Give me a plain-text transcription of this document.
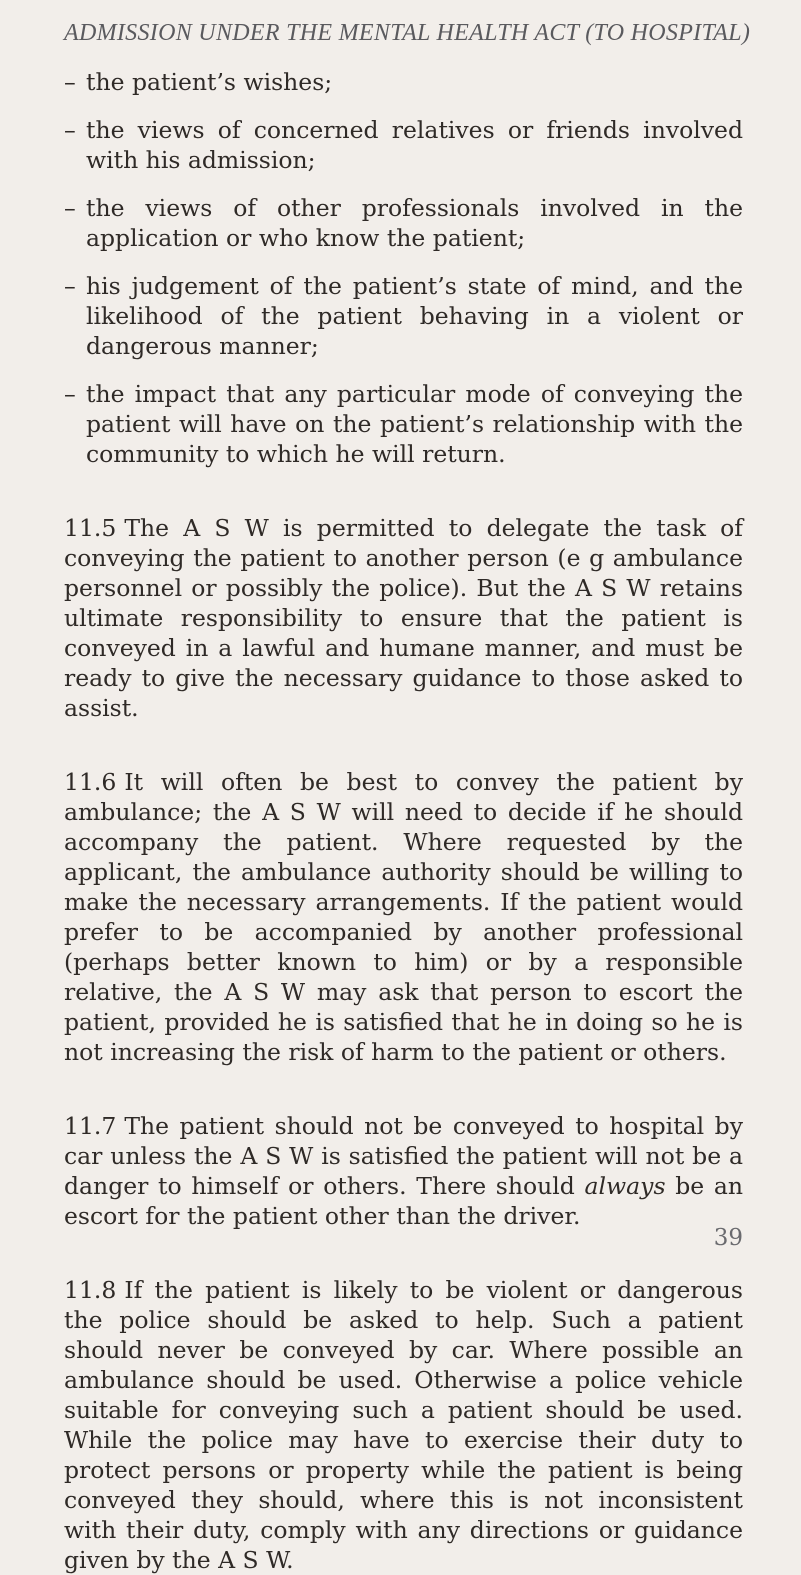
ADMISSION UNDER THE MENTAL HEALTH ACT (TO HOSPITAL)
– the patient’s wishes;
– the views of concerned relatives or friends involved with his admission;
– the views of other professionals involved in the application or who know the patient;
– his judgement of the patient’s state of mind, and the likelihood of the patient behaving in a violent or dangerous manner;
– the impact that any particular mode of conveying the patient will have on the patient’s relationship with the community to which he will return.

11.5 The A S W is permitted to delegate the task of conveying the patient to another person (e g ambulance personnel or possibly the police). But the A S W retains ultimate responsibility to ensure that the patient is conveyed in a lawful and humane manner, and must be ready to give the necessary guidance to those asked to assist.

11.6 It will often be best to convey the patient by ambulance; the A S W will need to decide if he should accompany the patient. Where requested by the applicant, the ambulance authority should be willing to make the necessary arrangements. If the patient would prefer to be accompanied by another professional (perhaps better known to him) or by a responsible relative, the A S W may ask that person to escort the patient, provided he is satisfied that he in doing so he is not increasing the risk of harm to the patient or others.

11.7 The patient should not be conveyed to hospital by car unless the A S W is satisfied the patient will not be a danger to himself or others. There should always be an escort for the patient other than the driver.

11.8 If the patient is likely to be violent or dangerous the police should be asked to help. Such a patient should never be conveyed by car. Where possible an ambulance should be used. Otherwise a police vehicle suitable for conveying such a patient should be used. While the police may have to exercise their duty to protect persons or property while the patient is being conveyed they should, where this is not inconsistent with their duty, comply with any directions or guidance given by the A S W.

39
